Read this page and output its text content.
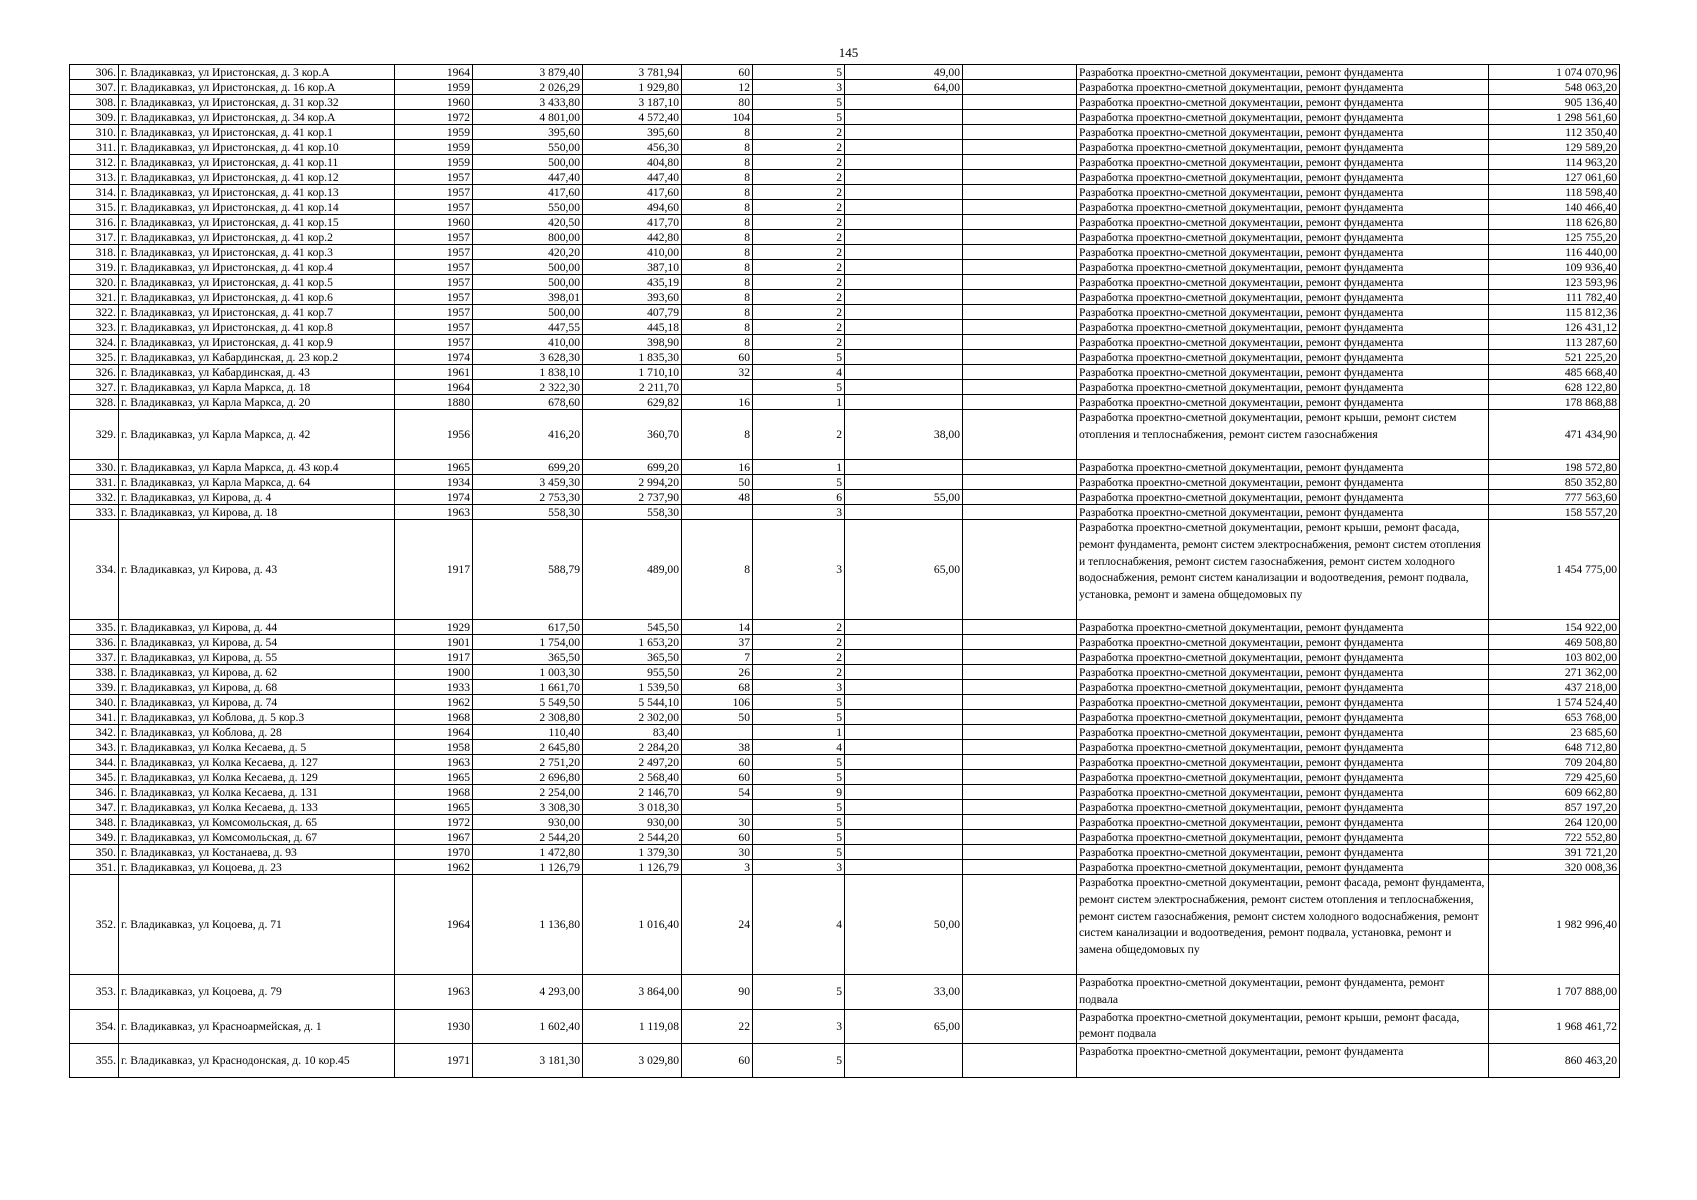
145
306.	г. Владикавказ, ул Иристонская, д. 3 кор.А	1964	3 879,40	3 781,94	60	5	49,00		Разработка проектно-сметной документации, ремонт фундамента	1 074 070,96
307.	г. Владикавказ, ул Иристонская, д. 16 кор.А	1959	2 026,29	1 929,80	12	3	64,00		Разработка проектно-сметной документации, ремонт фундамента	548 063,20
308.	г. Владикавказ, ул Иристонская, д. 31 кор.32	1960	3 433,80	3 187,10	80	5			Разработка проектно-сметной документации, ремонт фундамента	905 136,40
309.	г. Владикавказ, ул Иристонская, д. 34 кор.А	1972	4 801,00	4 572,40	104	5			Разработка проектно-сметной документации, ремонт фундамента	1 298 561,60
310.	г. Владикавказ, ул Иристонская, д. 41 кор.1	1959	395,60	395,60	8	2			Разработка проектно-сметной документации, ремонт фундамента	112 350,40
311.	г. Владикавказ, ул Иристонская, д. 41 кор.10	1959	550,00	456,30	8	2			Разработка проектно-сметной документации, ремонт фундамента	129 589,20
312.	г. Владикавказ, ул Иристонская, д. 41 кор.11	1959	500,00	404,80	8	2			Разработка проектно-сметной документации, ремонт фундамента	114 963,20
313.	г. Владикавказ, ул Иристонская, д. 41 кор.12	1957	447,40	447,40	8	2			Разработка проектно-сметной документации, ремонт фундамента	127 061,60
314.	г. Владикавказ, ул Иристонская, д. 41 кор.13	1957	417,60	417,60	8	2			Разработка проектно-сметной документации, ремонт фундамента	118 598,40
315.	г. Владикавказ, ул Иристонская, д. 41 кор.14	1957	550,00	494,60	8	2			Разработка проектно-сметной документации, ремонт фундамента	140 466,40
316.	г. Владикавказ, ул Иристонская, д. 41 кор.15	1960	420,50	417,70	8	2			Разработка проектно-сметной документации, ремонт фундамента	118 626,80
317.	г. Владикавказ, ул Иристонская, д. 41 кор.2	1957	800,00	442,80	8	2			Разработка проектно-сметной документации, ремонт фундамента	125 755,20
318.	г. Владикавказ, ул Иристонская, д. 41 кор.3	1957	420,20	410,00	8	2			Разработка проектно-сметной документации, ремонт фундамента	116 440,00
319.	г. Владикавказ, ул Иристонская, д. 41 кор.4	1957	500,00	387,10	8	2			Разработка проектно-сметной документации, ремонт фундамента	109 936,40
320.	г. Владикавказ, ул Иристонская, д. 41 кор.5	1957	500,00	435,19	8	2			Разработка проектно-сметной документации, ремонт фундамента	123 593,96
321.	г. Владикавказ, ул Иристонская, д. 41 кор.6	1957	398,01	393,60	8	2			Разработка проектно-сметной документации, ремонт фундамента	111 782,40
322.	г. Владикавказ, ул Иристонская, д. 41 кор.7	1957	500,00	407,79	8	2			Разработка проектно-сметной документации, ремонт фундамента	115 812,36
323.	г. Владикавказ, ул Иристонская, д. 41 кор.8	1957	447,55	445,18	8	2			Разработка проектно-сметной документации, ремонт фундамента	126 431,12
324.	г. Владикавказ, ул Иристонская, д. 41 кор.9	1957	410,00	398,90	8	2			Разработка проектно-сметной документации, ремонт фундамента	113 287,60
325.	г. Владикавказ, ул Кабардинская, д. 23 кор.2	1974	3 628,30	1 835,30	60	5			Разработка проектно-сметной документации, ремонт фундамента	521 225,20
326.	г. Владикавказ, ул Кабардинская, д. 43	1961	1 838,10	1 710,10	32	4			Разработка проектно-сметной документации, ремонт фундамента	485 668,40
327.	г. Владикавказ, ул Карла Маркса, д. 18	1964	2 322,30	2 211,70		5			Разработка проектно-сметной документации, ремонт фундамента	628 122,80
328.	г. Владикавказ, ул Карла Маркса, д. 20	1880	678,60	629,82	16	1			Разработка проектно-сметной документации, ремонт фундамента	178 868,88
329.	г. Владикавказ, ул Карла Маркса, д. 42	1956	416,20	360,70	8	2	38,00		Разработка проектно-сметной документации, ремонт крыши, ремонт систем отопления и теплоснабжения, ремонт систем газоснабжения	471 434,90
330.	г. Владикавказ, ул Карла Маркса, д. 43 кор.4	1965	699,20	699,20	16	1			Разработка проектно-сметной документации, ремонт фундамента	198 572,80
331.	г. Владикавказ, ул Карла Маркса, д. 64	1934	3 459,30	2 994,20	50	5			Разработка проектно-сметной документации, ремонт фундамента	850 352,80
332.	г. Владикавказ, ул Кирова, д. 4	1974	2 753,30	2 737,90	48	6	55,00		Разработка проектно-сметной документации, ремонт фундамента	777 563,60
333.	г. Владикавказ, ул Кирова, д. 18	1963	558,30	558,30		3			Разработка проектно-сметной документации, ремонт фундамента	158 557,20
334.	г. Владикавказ, ул Кирова, д. 43	1917	588,79	489,00	8	3	65,00		Разработка проектно-сметной документации, ремонт крыши, ремонт фасада, ремонт фундамента, ремонт систем электроснабжения, ремонт систем отопления и теплоснабжения, ремонт систем газоснабжения, ремонт систем холодного водоснабжения, ремонт систем канализации и водоотведения, ремонт подвала, установка, ремонт и замена общедомовых пу	1 454 775,00
335.	г. Владикавказ, ул Кирова, д. 44	1929	617,50	545,50	14	2			Разработка проектно-сметной документации, ремонт фундамента	154 922,00
336.	г. Владикавказ, ул Кирова, д. 54	1901	1 754,00	1 653,20	37	2			Разработка проектно-сметной документации, ремонт фундамента	469 508,80
337.	г. Владикавказ, ул Кирова, д. 55	1917	365,50	365,50	7	2			Разработка проектно-сметной документации, ремонт фундамента	103 802,00
338.	г. Владикавказ, ул Кирова, д. 62	1900	1 003,30	955,50	26	2			Разработка проектно-сметной документации, ремонт фундамента	271 362,00
339.	г. Владикавказ, ул Кирова, д. 68	1933	1 661,70	1 539,50	68	3			Разработка проектно-сметной документации, ремонт фундамента	437 218,00
340.	г. Владикавказ, ул Кирова, д. 74	1962	5 549,50	5 544,10	106	5			Разработка проектно-сметной документации, ремонт фундамента	1 574 524,40
341.	г. Владикавказ, ул Коблова, д. 5 кор.3	1968	2 308,80	2 302,00	50	5			Разработка проектно-сметной документации, ремонт фундамента	653 768,00
342.	г. Владикавказ, ул Коблова, д. 28	1964	110,40	83,40		1			Разработка проектно-сметной документации, ремонт фундамента	23 685,60
343.	г. Владикавказ, ул Колка Кесаева, д. 5	1958	2 645,80	2 284,20	38	4			Разработка проектно-сметной документации, ремонт фундамента	648 712,80
344.	г. Владикавказ, ул Колка Кесаева, д. 127	1963	2 751,20	2 497,20	60	5			Разработка проектно-сметной документации, ремонт фундамента	709 204,80
345.	г. Владикавказ, ул Колка Кесаева, д. 129	1965	2 696,80	2 568,40	60	5			Разработка проектно-сметной документации, ремонт фундамента	729 425,60
346.	г. Владикавказ, ул Колка Кесаева, д. 131	1968	2 254,00	2 146,70	54	9			Разработка проектно-сметной документации, ремонт фундамента	609 662,80
347.	г. Владикавказ, ул Колка Кесаева, д. 133	1965	3 308,30	3 018,30		5			Разработка проектно-сметной документации, ремонт фундамента	857 197,20
348.	г. Владикавказ, ул Комсомольская, д. 65	1972	930,00	930,00	30	5			Разработка проектно-сметной документации, ремонт фундамента	264 120,00
349.	г. Владикавказ, ул Комсомольская, д. 67	1967	2 544,20	2 544,20	60	5			Разработка проектно-сметной документации, ремонт фундамента	722 552,80
350.	г. Владикавказ, ул Костанаева, д. 93	1970	1 472,80	1 379,30	30	5			Разработка проектно-сметной документации, ремонт фундамента	391 721,20
351.	г. Владикавказ, ул Коцоева, д. 23	1962	1 126,79	1 126,79	3	3			Разработка проектно-сметной документации, ремонт фундамента	320 008,36
352.	г. Владикавказ, ул Коцоева, д. 71	1964	1 136,80	1 016,40	24	4	50,00		Разработка проектно-сметной документации, ремонт фасада, ремонт фундамента, ремонт систем электроснабжения, ремонт систем отопления и теплоснабжения, ремонт систем газоснабжения, ремонт систем холодного водоснабжения, ремонт систем канализации и водоотведения, ремонт подвала, установка, ремонт и замена общедомовых пу	1 982 996,40
353.	г. Владикавказ, ул Коцоева, д. 79	1963	4 293,00	3 864,00	90	5	33,00		Разработка проектно-сметной документации, ремонт фундамента, ремонт подвала	1 707 888,00
354.	г. Владикавказ, ул Красноармейская, д. 1	1930	1 602,40	1 119,08	22	3	65,00		Разработка проектно-сметной документации, ремонт крыши, ремонт фасада, ремонт подвала	1 968 461,72
355.	г. Владикавказ, ул Краснодонская, д. 10 кор.45	1971	3 181,30	3 029,80	60	5			Разработка проектно-сметной документации, ремонт фундамента	860 463,20
